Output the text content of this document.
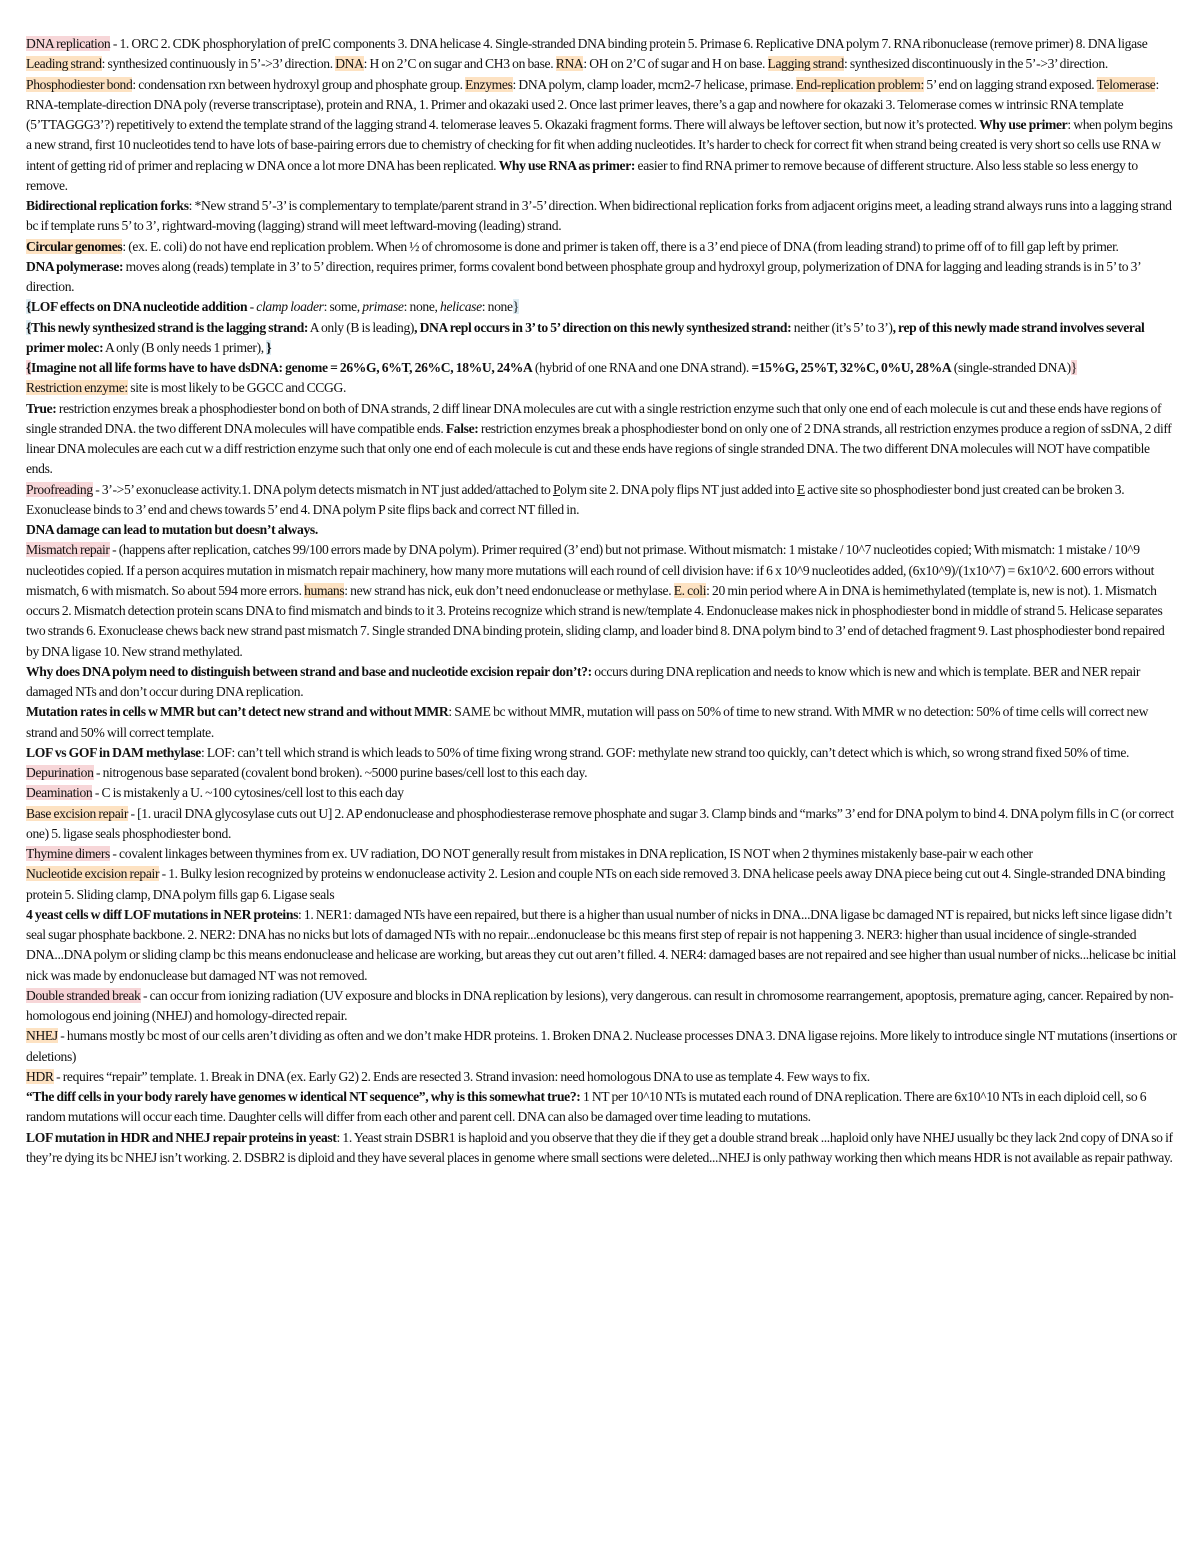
DNA replication - 1. ORC 2. CDK phosphorylation of preIC components 3. DNA helicase 4. Single-stranded DNA binding protein 5. Primase 6. Replicative DNA polym 7. RNA ribonuclease (remove primer) 8. DNA ligase

Leading strand: synthesized continuously in 5’->3’ direction. DNA: H on 2’C on sugar and CH3 on base. RNA: OH on 2’C of sugar and H on base. Lagging strand: synthesized discontinuously in the 5’->3’ direction. Phosphodiester bond: condensation rxn between hydroxyl group and phosphate group. Enzymes: DNA polym, clamp loader, mcm2-7 helicase, primase. End-replication problem: 5’ end on lagging strand exposed. Telomerase: RNA-template-direction DNA poly (reverse transcriptase), protein and RNA, 1. Primer and okazaki used 2. Once last primer leaves, there’s a gap and nowhere for okazaki 3. Telomerase comes w intrinsic RNA template (5’TTAGGG3’?) repetitively to extend the template strand of the lagging strand 4. telomerase leaves 5. Okazaki fragment forms. There will always be leftover section, but now it’s protected. Why use primer: when polym begins a new strand, first 10 nucleotides tend to have lots of base-pairing errors due to chemistry of checking for fit when adding nucleotides. It’s harder to check for correct fit when strand being created is very short so cells use RNA w intent of getting rid of primer and replacing w DNA once a lot more DNA has been replicated. Why use RNA as primer: easier to find RNA primer to remove because of different structure. Also less stable so less energy to remove.

Bidirectional replication forks: *New strand 5’-3’ is complementary to template/parent strand in 3’-5’ direction. When bidirectional replication forks from adjacent origins meet, a leading strand always runs into a lagging strand bc if template runs 5’ to 3’, rightward-moving (lagging) strand will meet leftward-moving (leading) strand.

Circular genomes: (ex. E. coli) do not have end replication problem. When ½ of chromosome is done and primer is taken off, there is a 3’ end piece of DNA (from leading strand) to prime off of to fill gap left by primer.

DNA polymerase: moves along (reads) template in 3’ to 5’ direction, requires primer, forms covalent bond between phosphate group and hydroxyl group, polymerization of DNA for lagging and leading strands is in 5’ to 3’ direction.

{LOF effects on DNA nucleotide addition - clamp loader: some, primase: none, helicase: none}

{This newly synthesized strand is the lagging strand: A only (B is leading), DNA repl occurs in 3’ to 5’ direction on this newly synthesized strand: neither (it’s 5’ to 3’), rep of this newly made strand involves several primer molec: A only (B only needs 1 primer), }

{Imagine not all life forms have to have dsDNA: genome = 26%G, 6%T, 26%C, 18%U, 24%A (hybrid of one RNA and one DNA strand). =15%G, 25%T, 32%C, 0%U, 28%A (single-stranded DNA)}

Restriction enzyme: site is most likely to be GGCC and CCGG.

True: restriction enzymes break a phosphodiester bond on both of DNA strands, 2 diff linear DNA molecules are cut with a single restriction enzyme such that only one end of each molecule is cut and these ends have regions of single stranded DNA. the two different DNA molecules will have compatible ends. False: restriction enzymes break a phosphodiester bond on only one of 2 DNA strands, all restriction enzymes produce a region of ssDNA, 2 diff linear DNA molecules are each cut w a diff restriction enzyme such that only one end of each molecule is cut and these ends have regions of single stranded DNA. The two different DNA molecules will NOT have compatible ends.

Proofreading - 3’->5’ exonuclease activity.1. DNA polym detects mismatch in NT just added/attached to Polym site 2. DNA poly flips NT just added into E active site so phosphodiester bond just created can be broken 3. Exonuclease binds to 3’ end and chews towards 5’ end 4. DNA polym P site flips back and correct NT filled in.

DNA damage can lead to mutation but doesn’t always.

Mismatch repair - (happens after replication, catches 99/100 errors made by DNA polym). Primer required (3’ end) but not primase. Without mismatch: 1 mistake / 10^7 nucleotides copied; With mismatch: 1 mistake / 10^9 nucleotides copied. If a person acquires mutation in mismatch repair machinery, how many more mutations will each round of cell division have: if 6 x 10^9 nucleotides added, (6x10^9)/(1x10^7) = 6x10^2. 600 errors without mismatch, 6 with mismatch. So about 594 more errors. humans: new strand has nick, euk don’t need endonuclease or methylase. E. coli: 20 min period where A in DNA is hemimethylated (template is, new is not). 1. Mismatch occurs 2. Mismatch detection protein scans DNA to find mismatch and binds to it 3. Proteins recognize which strand is new/template 4. Endonuclease makes nick in phosphodiester bond in middle of strand 5. Helicase separates two strands 6. Exonuclease chews back new strand past mismatch 7. Single stranded DNA binding protein, sliding clamp, and loader bind 8. DNA polym bind to 3’ end of detached fragment 9. Last phosphodiester bond repaired by DNA ligase 10. New strand methylated.

Why does DNA polym need to distinguish between strand and base and nucleotide excision repair don’t?: occurs during DNA replication and needs to know which is new and which is template. BER and NER repair damaged NTs and don’t occur during DNA replication.

Mutation rates in cells w MMR but can’t detect new strand and without MMR: SAME bc without MMR, mutation will pass on 50% of time to new strand. With MMR w no detection: 50% of time cells will correct new strand and 50% will correct template.

LOF vs GOF in DAM methylase: LOF: can’t tell which strand is which leads to 50% of time fixing wrong strand. GOF: methylate new strand too quickly, can’t detect which is which, so wrong strand fixed 50% of time.

Depurination - nitrogenous base separated (covalent bond broken). ~5000 purine bases/cell lost to this each day.

Deamination - C is mistakenly a U. ~100 cytosines/cell lost to this each day

Base excision repair - [1. uracil DNA glycosylase cuts out U] 2. AP endonuclease and phosphodiesterase remove phosphate and sugar 3. Clamp binds and “marks” 3’ end for DNA polym to bind 4. DNA polym fills in C (or correct one) 5. ligase seals phosphodiester bond.

Thymine dimers - covalent linkages between thymines from ex. UV radiation, DO NOT generally result from mistakes in DNA replication, IS NOT when 2 thymines mistakenly base-pair w each other

Nucleotide excision repair - 1. Bulky lesion recognized by proteins w endonuclease activity 2. Lesion and couple NTs on each side removed 3. DNA helicase peels away DNA piece being cut out 4. Single-stranded DNA binding protein 5. Sliding clamp, DNA polym fills gap 6. Ligase seals

4 yeast cells w diff LOF mutations in NER proteins: 1. NER1: damaged NTs have een repaired, but there is a higher than usual number of nicks in DNA...DNA ligase bc damaged NT is repaired, but nicks left since ligase didn’t seal sugar phosphate backbone. 2. NER2: DNA has no nicks but lots of damaged NTs with no repair...endonuclease bc this means first step of repair is not happening 3. NER3: higher than usual incidence of single-stranded DNA...DNA polym or sliding clamp bc this means endonuclease and helicase are working, but areas they cut out aren’t filled. 4. NER4: damaged bases are not repaired and see higher than usual number of nicks...helicase bc initial nick was made by endonuclease but damaged NT was not removed.

Double stranded break - can occur from ionizing radiation (UV exposure and blocks in DNA replication by lesions), very dangerous. can result in chromosome rearrangement, apoptosis, premature aging, cancer. Repaired by non-homologous end joining (NHEJ) and homology-directed repair.

NHEJ - humans mostly bc most of our cells aren’t dividing as often and we don’t make HDR proteins. 1. Broken DNA 2. Nuclease processes DNA 3. DNA ligase rejoins. More likely to introduce single NT mutations (insertions or deletions)

HDR - requires “repair” template. 1. Break in DNA (ex. Early G2) 2. Ends are resected 3. Strand invasion: need homologous DNA to use as template 4. Few ways to fix.

“The diff cells in your body rarely have genomes w identical NT sequence”, why is this somewhat true?: 1 NT per 10^10 NTs is mutated each round of DNA replication. There are 6x10^10 NTs in each diploid cell, so 6 random mutations will occur each time. Daughter cells will differ from each other and parent cell. DNA can also be damaged over time leading to mutations.

LOF mutation in HDR and NHEJ repair proteins in yeast: 1. Yeast strain DSBR1 is haploid and you observe that they die if they get a double strand break ...haploid only have NHEJ usually bc they lack 2nd copy of DNA so if they’re dying its bc NHEJ isn’t working. 2. DSBR2 is diploid and they have several places in genome where small sections were deleted...NHEJ is only pathway working then which means HDR is not available as repair pathway.
